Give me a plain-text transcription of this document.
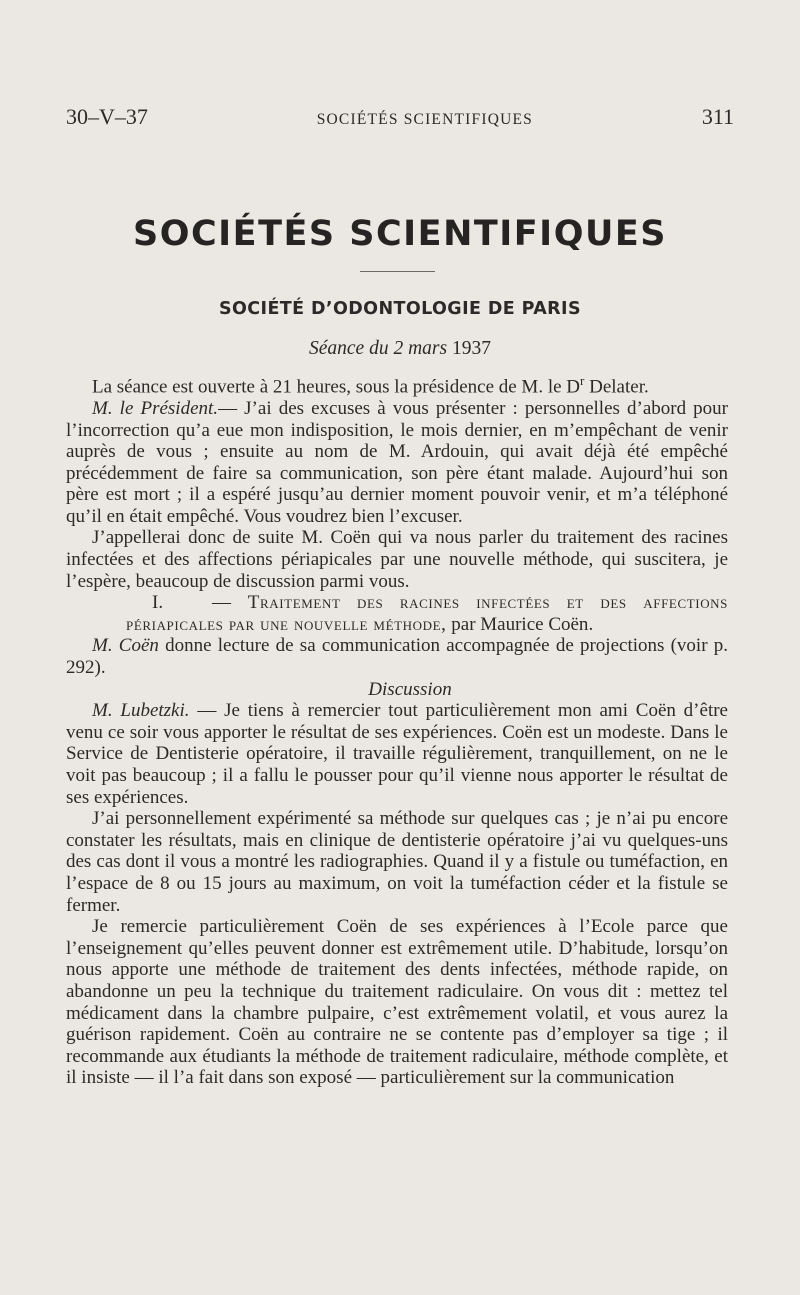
30–V–37	SOCIÉTÉS SCIENTIFIQUES	311
SOCIÉTÉS SCIENTIFIQUES
SOCIÉTÉ D’ODONTOLOGIE DE PARIS
Séance du 2 mars 1937

La séance est ouverte à 21 heures, sous la présidence de M. le $D^r$ Delater.

M. le Président.— J’ai des excuses à vous présenter : personnelles d’abord pour l’incorrection qu’a eue mon indisposition, le mois dernier, en m’empêchant de venir auprès de vous ; ensuite au nom de M. Ardouin, qui avait déjà été empêché précédemment de faire sa communication, son père étant malade. Aujourd’hui son père est mort ; il a espéré jusqu’au dernier moment pouvoir venir, et m’a téléphoné qu’il en était empêché. Vous voudrez bien l’excuser.

J’appellerai donc de suite M. Coën qui va nous parler du traitement des racines infectées et des affections périapicales par une nouvelle méthode, qui suscitera, je l’espère, beaucoup de discussion parmi vous.

I.	— Traitement des racines infectées et des affections périapicales par une nouvelle méthode, par Maurice Coën.

M. Coën donne lecture de sa communication accompagnée de projections (voir p. 292).

Discussion

M. Lubetzki. — Je tiens à remercier tout particulièrement mon ami Coën d’être venu ce soir vous apporter le résultat de ses expériences. Coën est un modeste. Dans le Service de Dentisterie opératoire, il travaille régulièrement, tranquillement, on ne le voit pas beaucoup ; il a fallu le pousser pour qu’il vienne nous apporter le résultat de ses expériences.

J’ai personnellement expérimenté sa méthode sur quelques cas ; je n’ai pu encore constater les résultats, mais en clinique de dentisterie opératoire j’ai vu quelques-uns des cas dont il vous a montré les radiographies. Quand il y a fistule ou tuméfaction, en l’espace de 8 ou 15 jours au maximum, on voit la tuméfaction céder et la fistule se fermer.

Je remercie particulièrement Coën de ses expériences à l’Ecole parce que l’enseignement qu’elles peuvent donner est extrêmement utile. D’habitude, lorsqu’on nous apporte une méthode de traitement des dents infectées, méthode rapide, on abandonne un peu la technique du traitement radiculaire. On vous dit : mettez tel médicament dans la chambre pulpaire, c’est extrêmement volatil, et vous aurez la guérison rapidement. Coën au contraire ne se contente pas d’employer sa tige ; il recommande aux étudiants la méthode de traitement radiculaire, méthode complète, et il insiste — il l’a fait dans son exposé — particulièrement sur la communication
